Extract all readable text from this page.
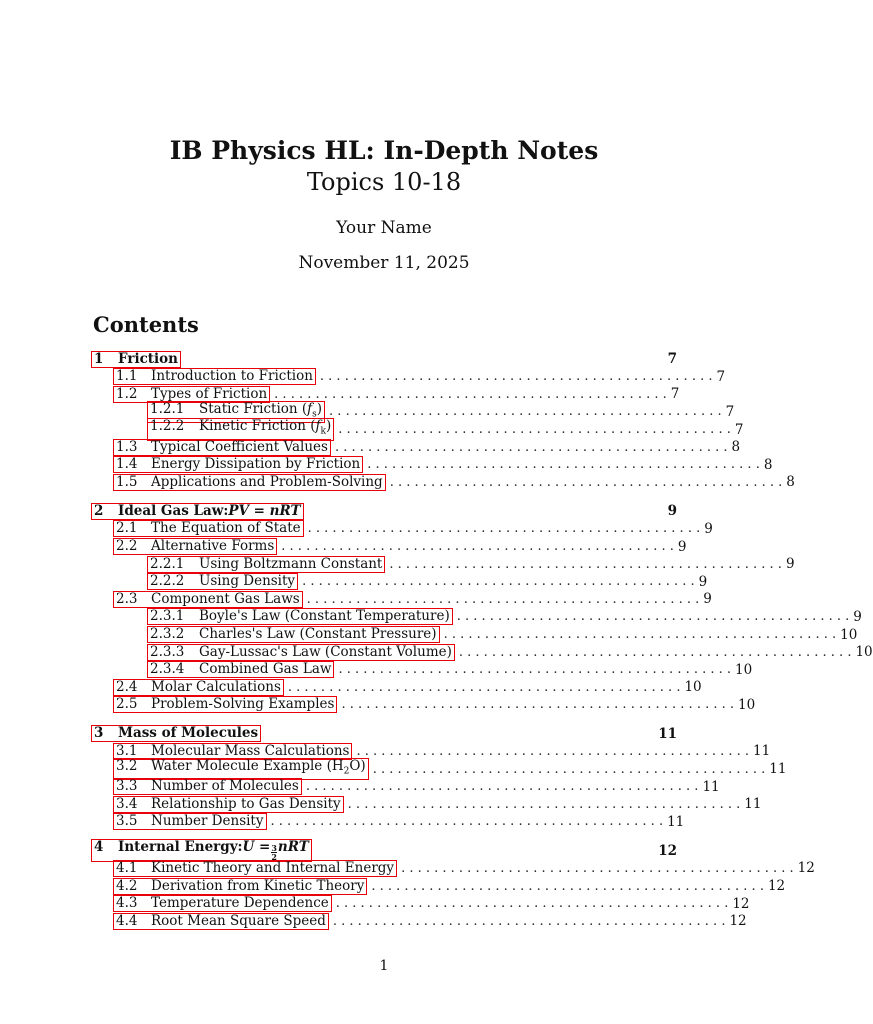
IB Physics HL: In-Depth Notes
Topics 10-18
Your Name
November 11, 2025
Contents
1	Friction	7
1.1	Introduction to Friction . . . . . . . . . . . . . . . . . . . . . . . . . . . . . . . . . . . . . . . . . . . . . . . . 7
1.2	Types of Friction . . . . . . . . . . . . . . . . . . . . . . . . . . . . . . . . . . . . . . . . . . . . . . . . 7
1.2.1	Static Friction $(f_s)$ . . . . . . . . . . . . . . . . . . . . . . . . . . . . . . . . . . . . . . . . . . . . . . . . 7
1.2.2	Kinetic Friction $(f_k)$ . . . . . . . . . . . . . . . . . . . . . . . . . . . . . . . . . . . . . . . . . . . . . . . . 7
1.3	Typical Coefficient Values . . . . . . . . . . . . . . . . . . . . . . . . . . . . . . . . . . . . . . . . . . . . . . . . 8
1.4	Energy Dissipation by Friction . . . . . . . . . . . . . . . . . . . . . . . . . . . . . . . . . . . . . . . . . . . . . . . . 8
1.5	Applications and Problem-Solving . . . . . . . . . . . . . . . . . . . . . . . . . . . . . . . . . . . . . . . . . . . . . . . . 8
2	Ideal Gas Law: PV = nRT	9
2.1	The Equation of State . . . . . . . . . . . . . . . . . . . . . . . . . . . . . . . . . . . . . . . . . . . . . . . . 9
2.2	Alternative Forms . . . . . . . . . . . . . . . . . . . . . . . . . . . . . . . . . . . . . . . . . . . . . . . . 9
2.2.1	Using Boltzmann Constant . . . . . . . . . . . . . . . . . . . . . . . . . . . . . . . . . . . . . . . . . . . . . . . . 9
2.2.2	Using Density . . . . . . . . . . . . . . . . . . . . . . . . . . . . . . . . . . . . . . . . . . . . . . . . 9
2.3	Component Gas Laws . . . . . . . . . . . . . . . . . . . . . . . . . . . . . . . . . . . . . . . . . . . . . . . . 9
2.3.1	Boyle's Law (Constant Temperature) . . . . . . . . . . . . . . . . . . . . . . . . . . . . . . . . . . . . . . . . . . . . . . . . 9
2.3.2	Charles's Law (Constant Pressure) . . . . . . . . . . . . . . . . . . . . . . . . . . . . . . . . . . . . . . . . . . . . . . . . 10
2.3.3	Gay-Lussac's Law (Constant Volume) . . . . . . . . . . . . . . . . . . . . . . . . . . . . . . . . . . . . . . . . . . . . . . . . 10
2.3.4	Combined Gas Law . . . . . . . . . . . . . . . . . . . . . . . . . . . . . . . . . . . . . . . . . . . . . . . . 10
2.4	Molar Calculations . . . . . . . . . . . . . . . . . . . . . . . . . . . . . . . . . . . . . . . . . . . . . . . . 10
2.5	Problem-Solving Examples . . . . . . . . . . . . . . . . . . . . . . . . . . . . . . . . . . . . . . . . . . . . . . . . 10
3	Mass of Molecules	11
3.1	Molecular Mass Calculations . . . . . . . . . . . . . . . . . . . . . . . . . . . . . . . . . . . . . . . . . . . . . . . . 11
3.2	Water Molecule Example $(H_2O)$ . . . . . . . . . . . . . . . . . . . . . . . . . . . . . . . . . . . . . . . . . . . . . . . . 11
3.3	Number of Molecules . . . . . . . . . . . . . . . . . . . . . . . . . . . . . . . . . . . . . . . . . . . . . . . . 11
3.4	Relationship to Gas Density . . . . . . . . . . . . . . . . . . . . . . . . . . . . . . . . . . . . . . . . . . . . . . . . 11
3.5	Number Density . . . . . . . . . . . . . . . . . . . . . . . . . . . . . . . . . . . . . . . . . . . . . . . . 11
4	Internal Energy: $U = \frac{3}{2}$ nRT	12
4.1	Kinetic Theory and Internal Energy . . . . . . . . . . . . . . . . . . . . . . . . . . . . . . . . . . . . . . . . . . . . . . . . 12
4.2	Derivation from Kinetic Theory . . . . . . . . . . . . . . . . . . . . . . . . . . . . . . . . . . . . . . . . . . . . . . . . 12
4.3	Temperature Dependence . . . . . . . . . . . . . . . . . . . . . . . . . . . . . . . . . . . . . . . . . . . . . . . . 12
4.4	Root Mean Square Speed . . . . . . . . . . . . . . . . . . . . . . . . . . . . . . . . . . . . . . . . . . . . . . . . 12
1
